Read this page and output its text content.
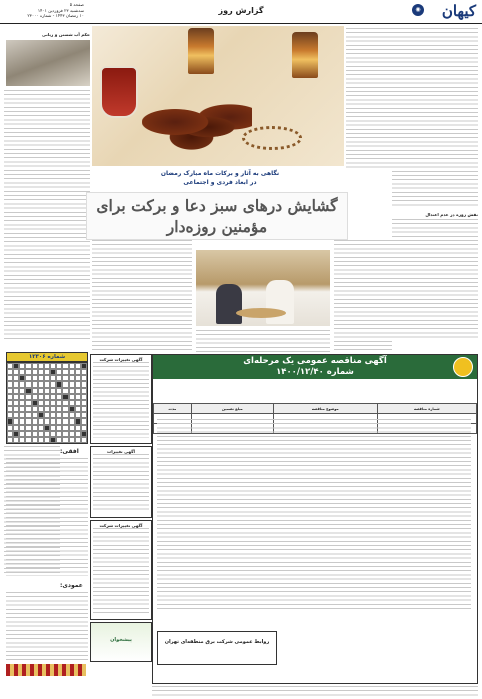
کیهان
◉
گزارش روز
صفحه ۵
سه‌شنبه ۲۳ فروردین ۱۴۰۱
۱۰ رمضان ۱۴۴۳ - شماره ۲۳۰۰۰
نقش روزه در عدم اعتدال
حکم آب شستن و زبانی
نگاهی به آثار و برکات ماه مبارک رمضان
در ابعاد فردی و اجتماعی
گشایش درهای سبز دعا و برکت برای مؤمنین روزه‌دار
شماره ۱۲۳۰۶
افقی:
عمودی:
آگهی تغییرات شرکت
آگهی تغییرات
آگهی تغییرات شرکت
پیشخوان
آگهی مناقصه عمومی یک مرحله‌ای
شماره ۱۴۰۰/۱۲/۴۰
شماره مناقصه	موضوع مناقصه	مبلغ تضمین	مدت

روابط عمومی شرکت برق منطقه‌ای تهران
